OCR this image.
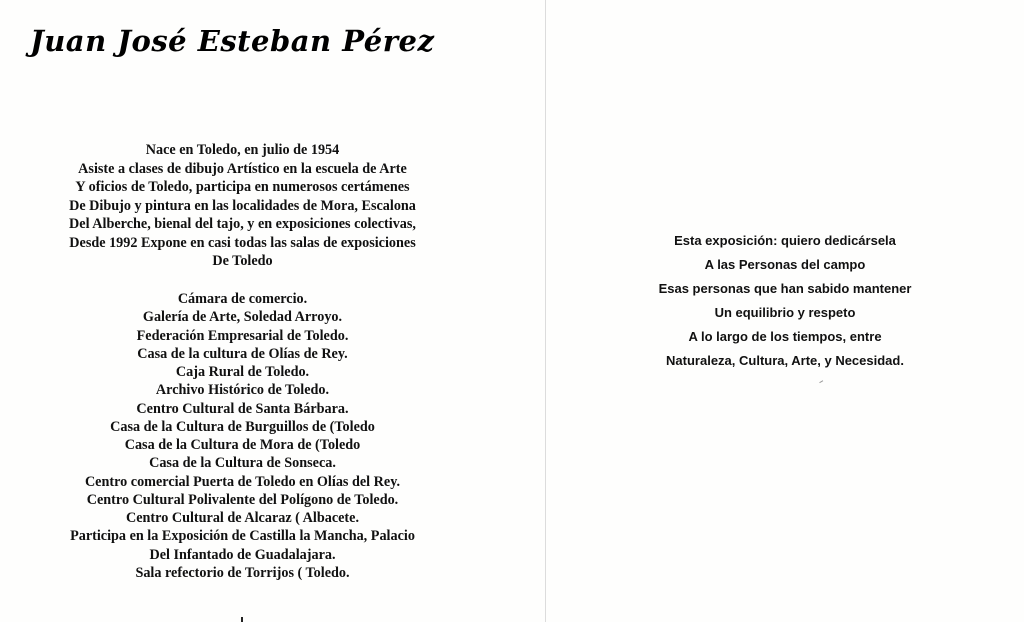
Juan José Esteban Pérez
Nace en Toledo, en julio de 1954
Asiste a clases de dibujo Artístico en la escuela de Arte
Y oficios de Toledo, participa en numerosos certámenes
De Dibujo y pintura en las localidades de Mora, Escalona
Del Alberche, bienal del tajo, y en exposiciones colectivas,
Desde 1992 Expone en casi todas las salas de exposiciones
De Toledo
Cámara de comercio.
Galería de Arte, Soledad Arroyo.
Federación Empresarial de Toledo.
Casa de la cultura de Olías de Rey.
Caja Rural de Toledo.
Archivo Histórico de Toledo.
Centro Cultural de Santa Bárbara.
Casa de la Cultura de Burguillos de (Toledo
Casa de la Cultura de Mora de (Toledo
Casa de la Cultura de Sonseca.
Centro comercial Puerta de Toledo en Olías del Rey.
Centro Cultural Polivalente del Polígono de Toledo.
Centro Cultural de Alcaraz ( Albacete.
Participa en la Exposición de Castilla la Mancha, Palacio
Del Infantado de Guadalajara.
Sala refectorio de Torrijos ( Toledo.
Esta exposición: quiero dedicársela
A las Personas del campo
Esas personas que han sabido mantener
Un equilibrio y respeto
A lo largo de los tiempos, entre
Naturaleza, Cultura, Arte, y Necesidad.
